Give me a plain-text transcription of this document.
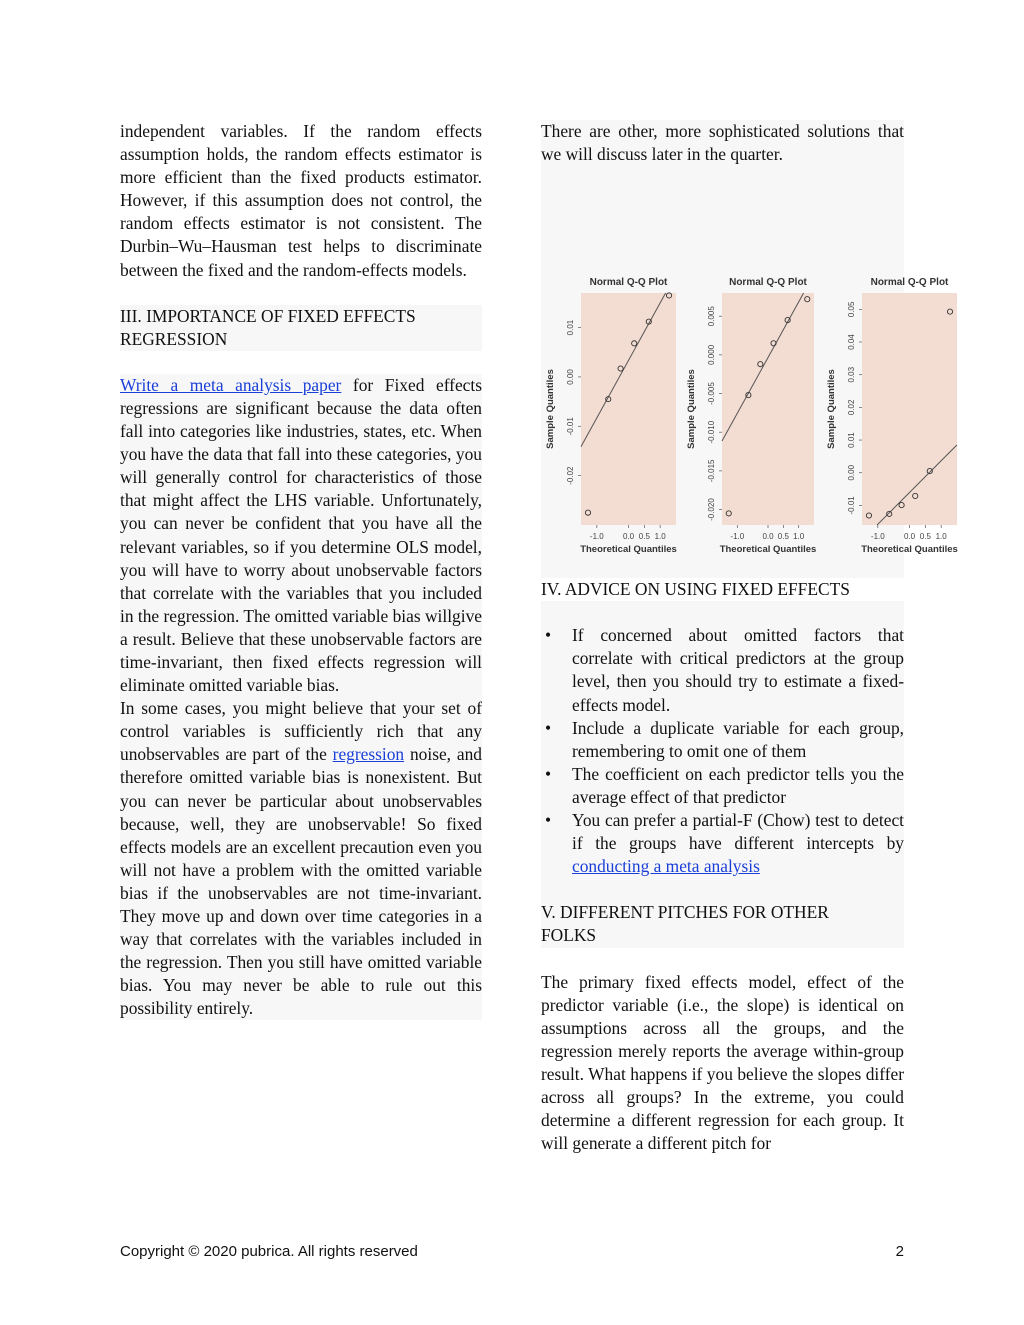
independent variables. If the random effects assumption holds, the random effects estimator is more efficient than the fixed products estimator. However, if this assumption does not control, the random effects estimator is not consistent. The Durbin–Wu–Hausman test helps to discriminate between the fixed and the random-effects models.

III. IMPORTANCE OF FIXED EFFECTS

REGRESSION

Write a meta analysis paper for Fixed effects regressions are significant because the data often fall into categories like industries, states, etc. When you have the data that fall into these categories, you will generally control for characteristics of those that might affect the LHS variable. Unfortunately, you can never be confident that you have all the relevant variables, so if you determine OLS model, you will have to worry about unobservable factors that correlate with the variables that you included in the regression. The omitted variable bias willgive a result. Believe that these unobservable factors are time-invariant, then fixed effects regression will eliminate omitted variable bias.

In some cases, you might believe that your set of control variables is sufficiently rich that any unobservables are part of the regression noise, and therefore omitted variable bias is nonexistent. But you can never be particular about unobservables because, well, they are unobservable! So fixed effects models are an excellent precaution even you will not have a problem with the omitted variable bias if the unobservables are not time-invariant. They move up and down over time categories in a way that correlates with the variables included in the regression. Then you still have omitted variable bias. You may never be able to rule out this possibility entirely.

There are other, more sophisticated solutions that we will discuss later in the quarter.

Normal Q-Q Plot
Theoretical Quantiles
Sample Quantiles
-1.0 0.0 0.5 1.0
-0.02
-0.01
0.00
0.01
Normal Q-Q Plot
Theoretical Quantiles
Sample Quantiles
-1.0 0.0 0.5 1.0
-0.020
-0.015
-0.010
-0.005
0.000
0.005
Normal Q-Q Plot
Theoretical Quantiles
Sample Quantiles
-1.0 0.0 0.5 1.0
-0.01
0.00
0.01
0.02
0.03
0.04
0.05

IV. ADVICE ON USING FIXED EFFECTS

• If concerned about omitted factors that correlate with critical predictors at the group level, then you should try to estimate a fixed-effects model.
• Include a duplicate variable for each group, remembering to omit one of them
• The coefficient on each predictor tells you the average effect of that predictor
• You can prefer a partial-F (Chow) test to detect if the groups have different intercepts by conducting a meta analysis

V. DIFFERENT PITCHES FOR OTHER

FOLKS

The primary fixed effects model, effect of the predictor variable (i.e., the slope) is identical on assumptions across all the groups, and the regression merely reports the average within-group result. What happens if you believe the slopes differ across all groups? In the extreme, you could determine a different regression for each group. It will generate a different pitch for

Copyright © 2020 pubrica. All rights reserved	2
